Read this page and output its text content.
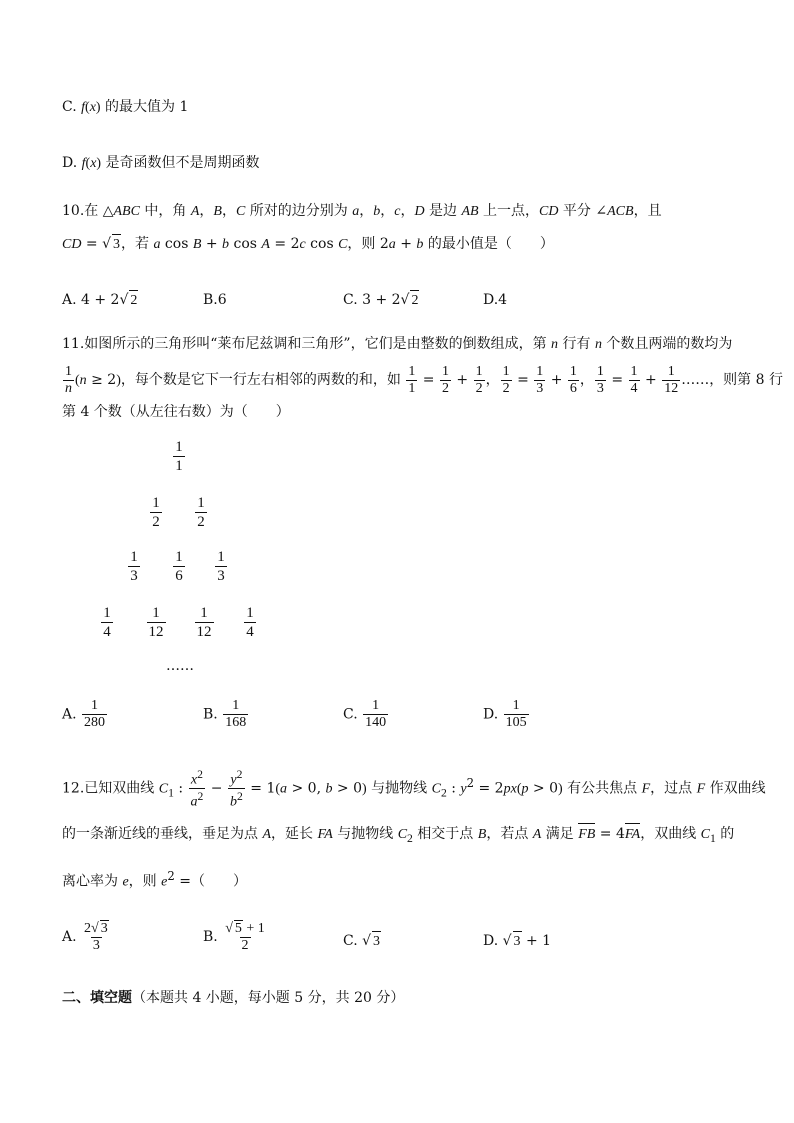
C. f(x) 的最大值为 1
D. f(x) 是奇函数但不是周期函数
10.在 △ABC 中，角 A，B，C 所对的边分别为 a，b，c，D 是边 AB 上一点，CD 平分 ∠ACB，且
CD = √ 3，若 a cos B + b cos A = 2c cos C，则 2a + b 的最小值是（　　）
A. 4 + 2√ 2	B.6	C. 3 + 2√ 2	D.4
11.如图所示的三角形叫“莱布尼兹调和三角形”，它们是由整数的倒数组成，第 n 行有 n 个数且两端的数均为
$\frac{1}{n} (n \ge 2)$，每个数是它下一行左右相邻的两数的和，如 $\frac{1}{1} = \frac{1}{2} + \frac{1}{2}$ ， $\frac{1}{2} = \frac{1}{3} + \frac{1}{6}$ ， $\frac{1}{3} = \frac{1}{4} + \frac{1}{12}$ ……，则第 8 行
第 4 个数（从左往右数）为（　　）
$\frac{1}{1}$
$\frac{1}{2} \frac{1}{2}$
$\frac{1}{3} \frac{1}{6} \frac{1}{3}$
$\frac{1}{4} \frac{1}{12} \frac{1}{12} \frac{1}{4}$
……
A. $\frac{1}{280}$	B. $\frac{1}{168}$	C. $\frac{1}{140}$	D. $\frac{1}{105}$
12.已知双曲线 $C_1$ : $\frac{x^2}{a^2} - \frac{y^2}{b^2} = 1(a > 0$, b > 0) 与抛物线 $C_2$ : $y^2 = 2px(p > 0)$ 有公共焦点 F，过点 F 作双曲线
的一条渐近线的垂线，垂足为点 A，延长 FA 与抛物线 $C_2$ 相交于点 B，若点 A 满足 FB = 4FA，双曲线 $C_1$ 的
离心率为 e，则 $e^2$ =（　　）
A. $\frac{2√ 3}{3}$	B. $\frac{√ 5 + 1}{2}$	C. √ 3	D. √ 3 + 1
二、填空题（本题共 4 小题，每小题 5 分，共 20 分）
